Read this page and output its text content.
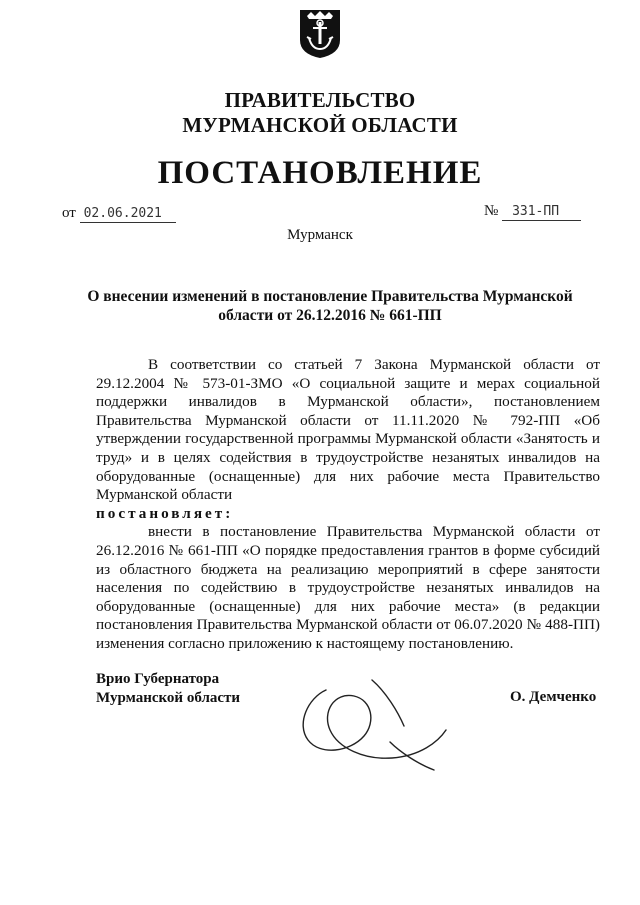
ПРАВИТЕЛЬСТВО
МУРМАНСКОЙ ОБЛАСТИ
ПОСТАНОВЛЕНИЕ
от 02.06.2021	№ 331-ПП
Мурманск
О внесении изменений в постановление Правительства Мурманской
области от 26.12.2016 № 661-ПП

В соответствии со статьей 7 Закона Мурманской области от 29.12.2004 № 573-01-ЗМО «О социальной защите и мерах социальной поддержки инвалидов в Мурманской области», постановлением Правительства Мурманской области от 11.11.2020 № 792-ПП «Об утверждении государственной программы Мурманской области «Занятость и труд» и в целях содействия в трудоустройстве незанятых инвалидов на оборудованные (оснащенные) для них рабочие места Правительство Мурманской области

постановляет:

внести в постановление Правительства Мурманской области от 26.12.2016 № 661-ПП «О порядке предоставления грантов в форме субсидий из областного бюджета на реализацию мероприятий в сфере занятости населения по содействию в трудоустройстве незанятых инвалидов на оборудованные (оснащенные) для них рабочие места» (в редакции постановления Правительства Мурманской области от 06.07.2020 № 488-ПП) изменения согласно приложению к настоящему постановлению.

Врио Губернатора
Мурманской области	О. Демченко
